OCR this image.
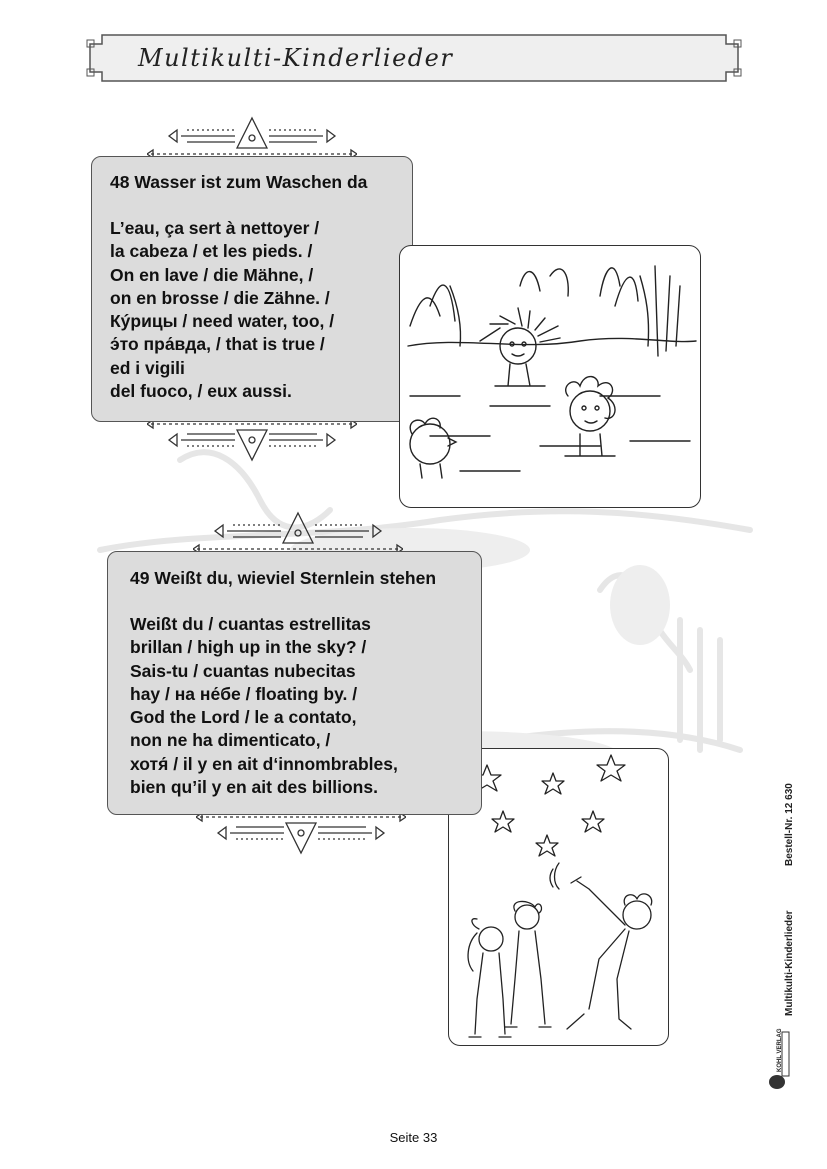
Multikulti-Kinderlieder
48 Wasser ist zum Waschen da
L’eau, ça sert à nettoyer /
la cabeza / et les pieds. /
On en lave / die Mähne, /
on en brosse / die Zähne. /
Кýрицы / need water, too, /
э́то пра́вда, / that is true /
ed i vigili
del fuoco, / eux aussi.
49 Weißt du, wieviel Sternlein stehen
Weißt du / cuantas estrellitas
brillan / high up in the sky? /
Sais-tu / cuantas nubecitas
hay / на не́бе / floating by. /
God the Lord / le a contato,
non ne ha dimenticato, /
хотя́ / il y en ait d‘innombrables,
bien qu’il y en ait des billions.	Bestell-Nr. 12 630
Multikulti-Kinderlieder
KOHL VERLAG
Seite 33
